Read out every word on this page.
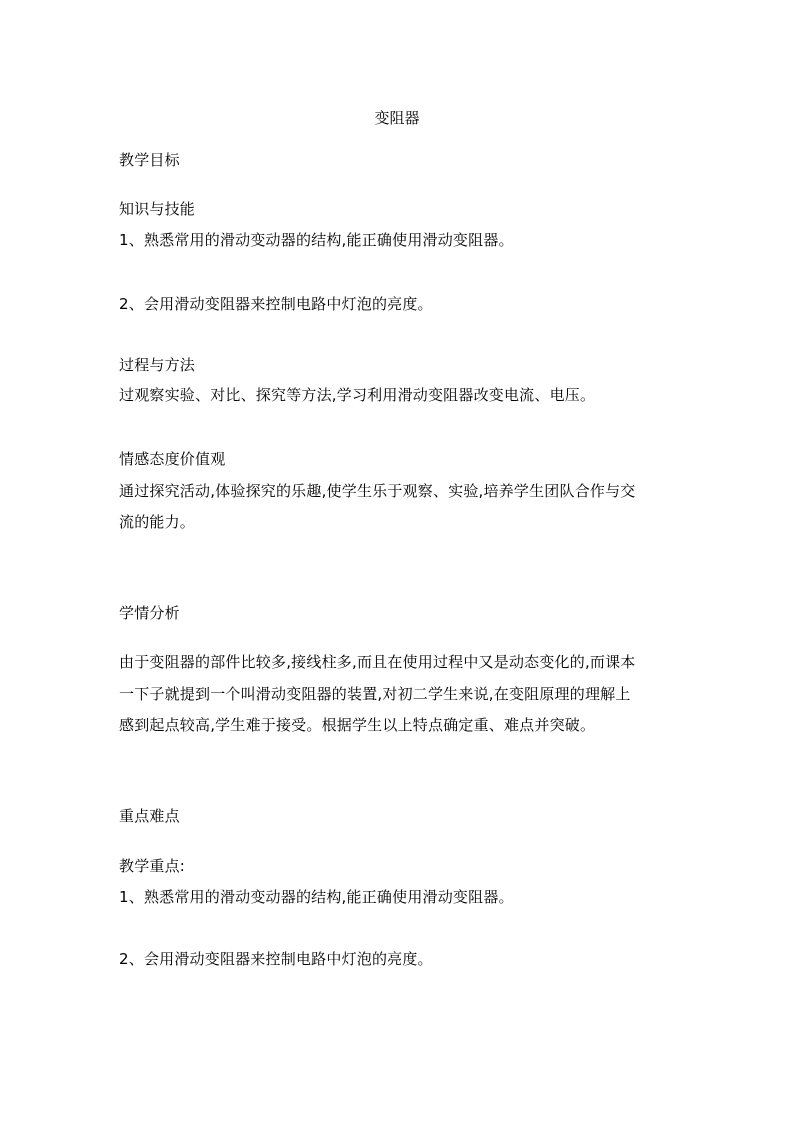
变阻器
教学目标
知识与技能
1、熟悉常用的滑动变动器的结构,能正确使用滑动变阻器。
2、会用滑动变阻器来控制电路中灯泡的亮度。
过程与方法
过观察实验、对比、探究等方法,学习利用滑动变阻器改变电流、电压。
情感态度价值观
通过探究活动,体验探究的乐趣,使学生乐于观察、实验,培养学生团队合作与交
流的能力。
学情分析
由于变阻器的部件比较多,接线柱多,而且在使用过程中又是动态变化的,而课本
一下子就提到一个叫滑动变阻器的装置,对初二学生来说,在变阻原理的理解上
感到起点较高,学生难于接受。根据学生以上特点确定重、难点并突破。
重点难点
教学重点:
1、熟悉常用的滑动变动器的结构,能正确使用滑动变阻器。
2、会用滑动变阻器来控制电路中灯泡的亮度。
